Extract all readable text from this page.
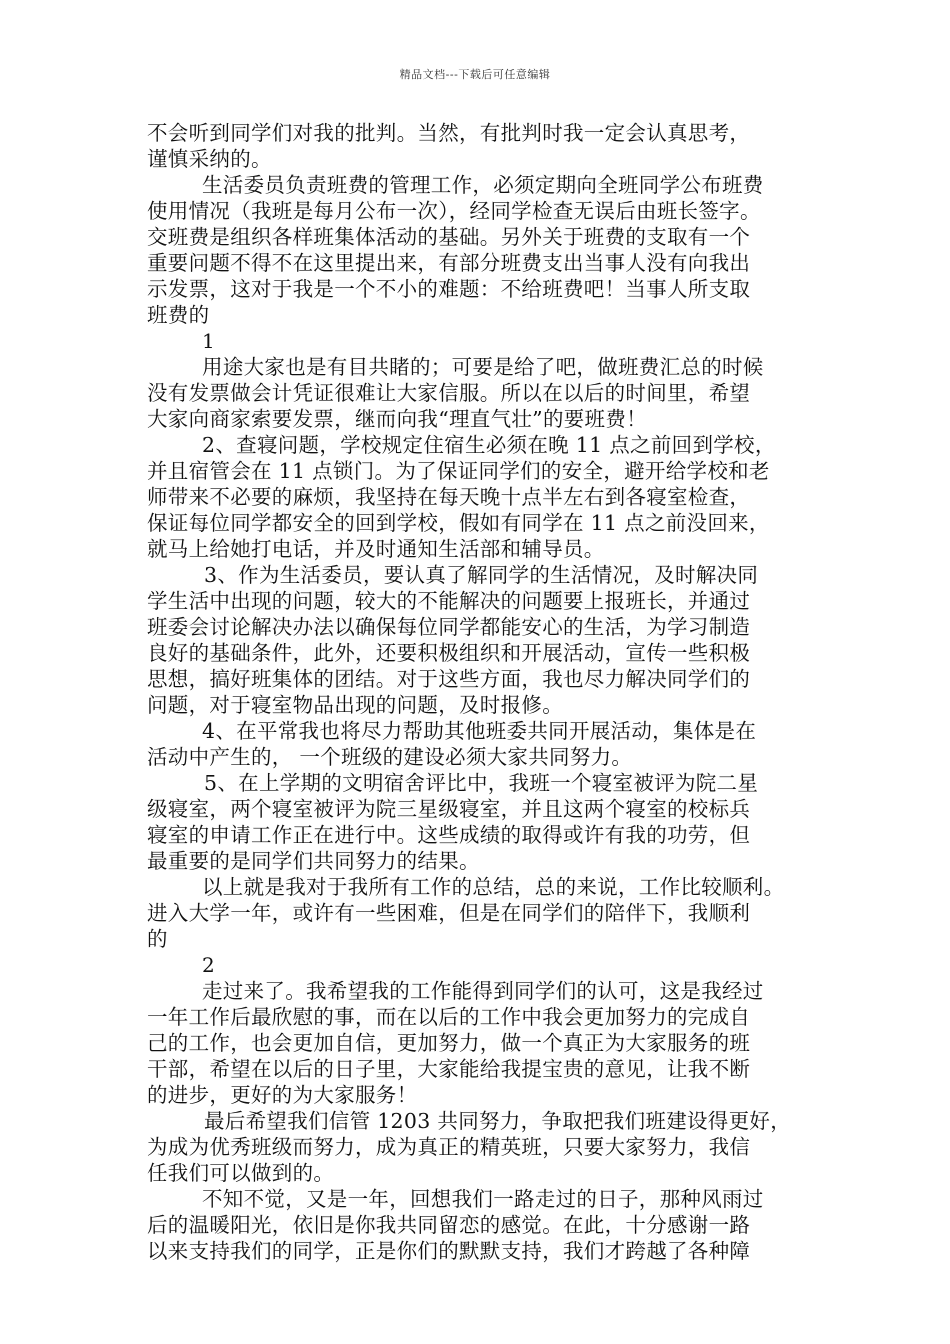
精品文档---下载后可任意编辑
不会听到同学们对我的批判。当然，有批判时我一定会认真思考，
谨慎采纳的。
生活委员负责班费的管理工作，必须定期向全班同学公布班费
使用情况（我班是每月公布一次），经同学检查无误后由班长签字。
交班费是组织各样班集体活动的基础。另外关于班费的支取有一个
重要问题不得不在这里提出来，有部分班费支出当事人没有向我出
示发票，这对于我是一个不小的难题：不给班费吧！当事人所支取
班费的
1
用途大家也是有目共睹的；可要是给了吧，做班费汇总的时候
没有发票做会计凭证很难让大家信服。所以在以后的时间里，希望
大家向商家索要发票，继而向我“理直气壮”的要班费！
2、查寝问题，学校规定住宿生必须在晚 11 点之前回到学校，
并且宿管会在 11 点锁门。为了保证同学们的安全，避开给学校和老
师带来不必要的麻烦，我坚持在每天晚十点半左右到各寝室检查，
保证每位同学都安全的回到学校，假如有同学在 11 点之前没回来，
就马上给她打电话，并及时通知生活部和辅导员。
3、作为生活委员，要认真了解同学的生活情况，及时解决同
学生活中出现的问题，较大的不能解决的问题要上报班长，并通过
班委会讨论解决办法以确保每位同学都能安心的生活，为学习制造
良好的基础条件，此外，还要积极组织和开展活动，宣传一些积极
思想，搞好班集体的团结。对于这些方面，我也尽力解决同学们的
问题，对于寝室物品出现的问题，及时报修。
4、在平常我也将尽力帮助其他班委共同开展活动，集体是在
活动中产生的， 一个班级的建设必须大家共同努力。
5、在上学期的文明宿舍评比中，我班一个寝室被评为院二星
级寝室，两个寝室被评为院三星级寝室，并且这两个寝室的校标兵
寝室的申请工作正在进行中。这些成绩的取得或许有我的功劳，但
最重要的是同学们共同努力的结果。
以上就是我对于我所有工作的总结，总的来说，工作比较顺利。
进入大学一年，或许有一些困难，但是在同学们的陪伴下，我顺利
的
2
走过来了。我希望我的工作能得到同学们的认可，这是我经过
一年工作后最欣慰的事，而在以后的工作中我会更加努力的完成自
己的工作，也会更加自信，更加努力，做一个真正为大家服务的班
干部，希望在以后的日子里，大家能给我提宝贵的意见，让我不断
的进步，更好的为大家服务！
最后希望我们信管 1203 共同努力，争取把我们班建设得更好，
为成为优秀班级而努力，成为真正的精英班，只要大家努力，我信
任我们可以做到的。
不知不觉，又是一年，回想我们一路走过的日子，那种风雨过
后的温暖阳光，依旧是你我共同留恋的感觉。在此，十分感谢一路
以来支持我们的同学，正是你们的默默支持，我们才跨越了各种障
